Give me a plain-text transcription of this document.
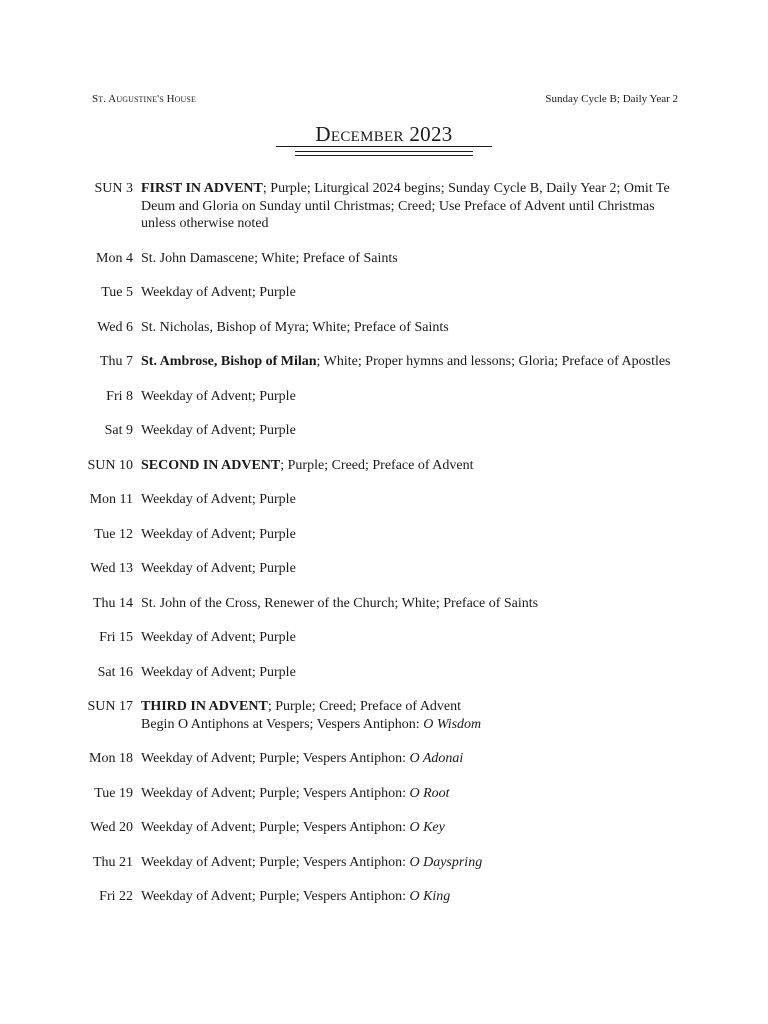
St. Augustine's House	Sunday Cycle B; Daily Year 2
December 2023
SUN 3 FIRST IN ADVENT; Purple; Liturgical 2024 begins; Sunday Cycle B, Daily Year 2; Omit Te Deum and Gloria on Sunday until Christmas; Creed; Use Preface of Advent until Christmas unless otherwise noted
Mon 4 St. John Damascene; White; Preface of Saints
Tue 5 Weekday of Advent; Purple
Wed 6 St. Nicholas, Bishop of Myra; White; Preface of Saints
Thu 7 St. Ambrose, Bishop of Milan; White; Proper hymns and lessons; Gloria; Preface of Apostles
Fri 8 Weekday of Advent; Purple
Sat 9 Weekday of Advent; Purple
SUN 10 SECOND IN ADVENT; Purple; Creed; Preface of Advent
Mon 11 Weekday of Advent; Purple
Tue 12 Weekday of Advent; Purple
Wed 13 Weekday of Advent; Purple
Thu 14 St. John of the Cross, Renewer of the Church; White; Preface of Saints
Fri 15 Weekday of Advent; Purple
Sat 16 Weekday of Advent; Purple
SUN 17 THIRD IN ADVENT; Purple; Creed; Preface of Advent
Begin O Antiphons at Vespers; Vespers Antiphon: O Wisdom
Mon 18 Weekday of Advent; Purple; Vespers Antiphon: O Adonai
Tue 19 Weekday of Advent; Purple; Vespers Antiphon: O Root
Wed 20 Weekday of Advent; Purple; Vespers Antiphon: O Key
Thu 21 Weekday of Advent; Purple; Vespers Antiphon: O Dayspring
Fri 22 Weekday of Advent; Purple; Vespers Antiphon: O King
